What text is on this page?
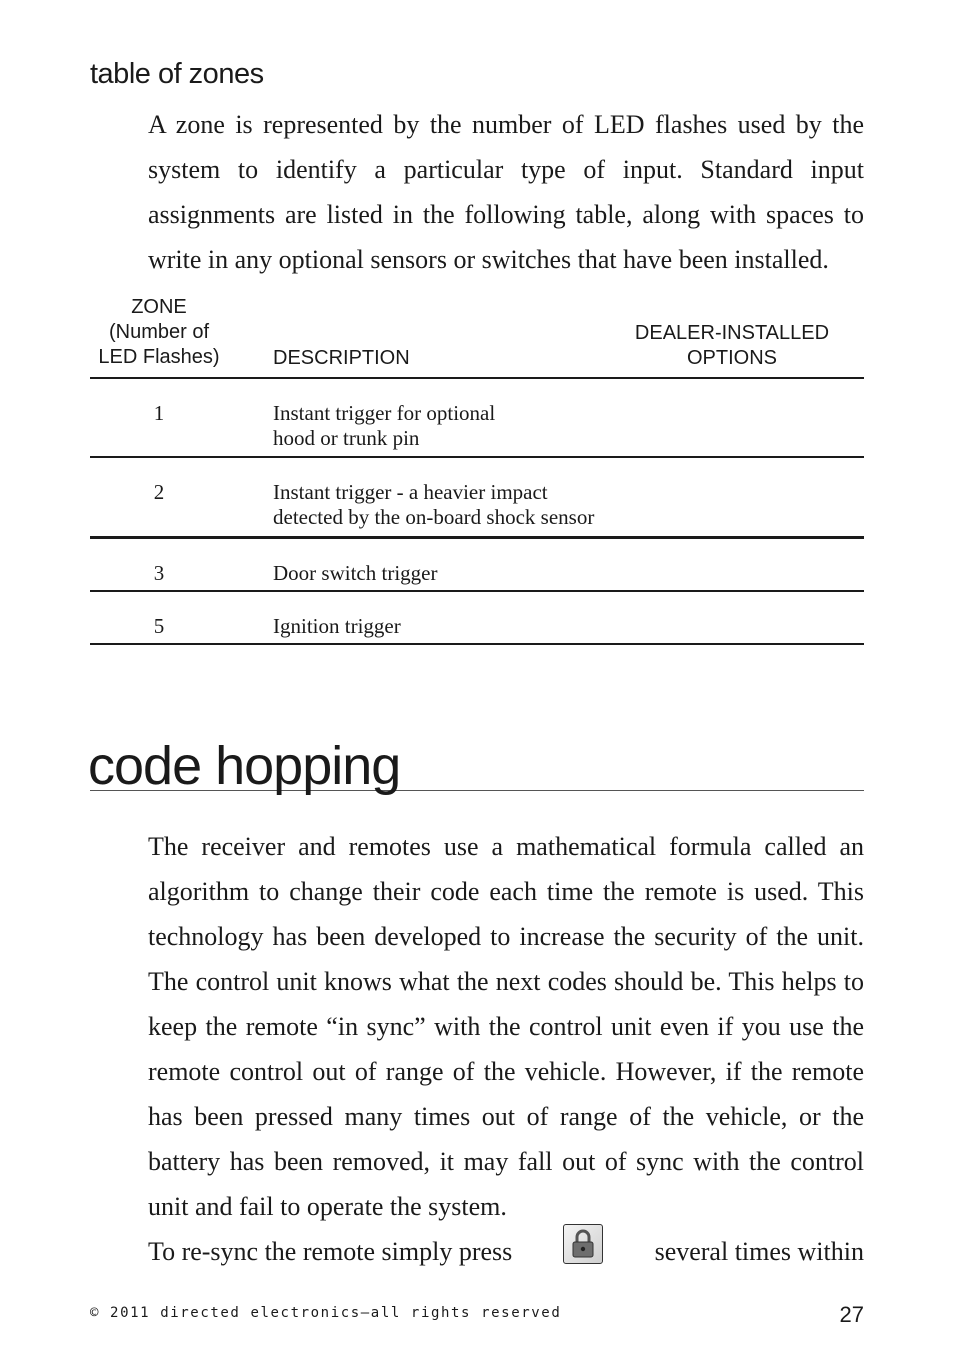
table of zones

A zone is represented by the number of LED flashes used by the system to identify a particular type of input. Standard input assignments are listed in the following table, along with spaces to write in any optional sensors or switches that have been installed.

ZONE
(Number of
LED Flashes)	DESCRIPTION
DEALER-INSTALLED
OPTIONS
1	Instant trigger for optional
hood or trunk pin
2	Instant trigger - a heavier impact
detected by the on-board shock sensor
3	Door switch trigger
5	Ignition trigger
code hopping
The receiver and remotes use a mathematical formula called an algorithm to change their code each time the remote is used. This technology has been developed to increase the security of the unit. The control unit knows what the next codes should be. This helps to keep the remote “in sync” with the control unit even if you use the remote control out of range of the vehicle. However, if the remote has been pressed many times out of range of the vehicle, or the battery has been removed, it may fall out of sync with the control unit and fail to operate the system.
To re-sync the remote simply press	several times within
© 2011 directed electronics—all rights reserved	27
